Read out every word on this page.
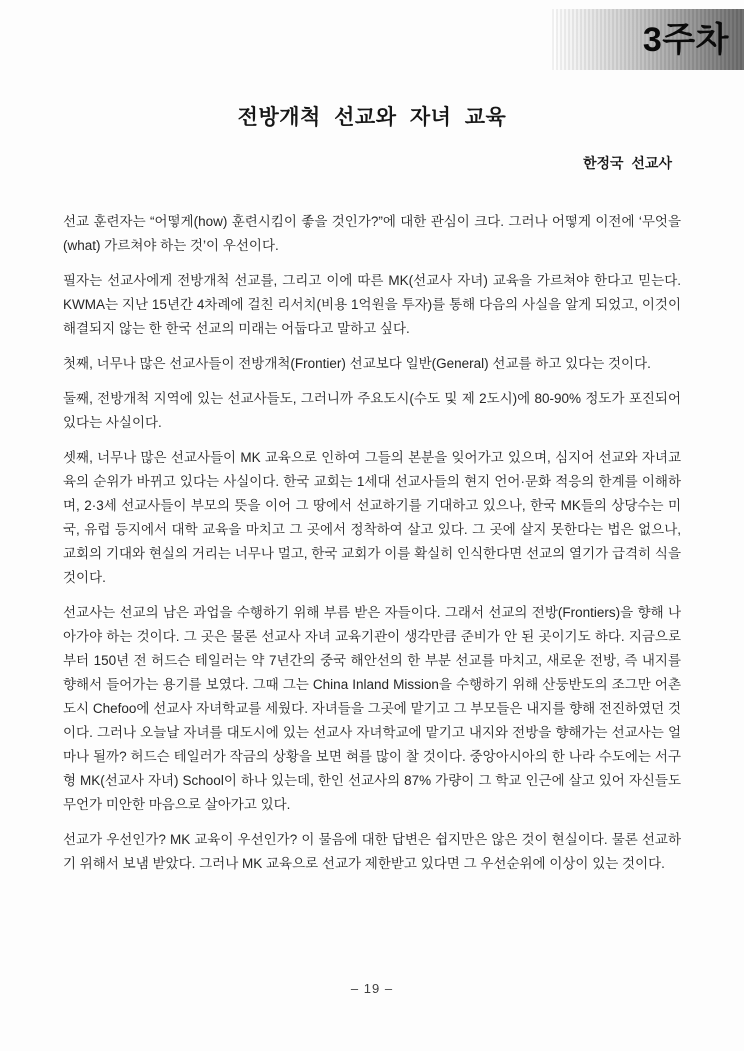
3주차
전방개척 선교와 자녀 교육
한정국 선교사

선교 훈련자는 “어떻게(how) 훈련시킴이 좋을 것인가?”에 대한 관심이 크다. 그러나 어떻게 이전에 ‘무엇을(what) 가르쳐야 하는 것’이 우선이다.

필자는 선교사에게 전방개척 선교를, 그리고 이에 따른 MK(선교사 자녀) 교육을 가르쳐야 한다고 믿는다. KWMA는 지난 15년간 4차례에 걸친 리서치(비용 1억원을 투자)를 통해 다음의 사실을 알게 되었고, 이것이 해결되지 않는 한 한국 선교의 미래는 어둡다고 말하고 싶다.

첫째, 너무나 많은 선교사들이 전방개척(Frontier) 선교보다 일반(General) 선교를 하고 있다는 것이다.

둘째, 전방개척 지역에 있는 선교사들도, 그러니까 주요도시(수도 및 제 2도시)에 80-90% 정도가 포진되어 있다는 사실이다.

셋째, 너무나 많은 선교사들이 MK 교육으로 인하여 그들의 본분을 잊어가고 있으며, 심지어 선교와 자녀교육의 순위가 바뀌고 있다는 사실이다. 한국 교회는 1세대 선교사들의 현지 언어·문화 적응의 한계를 이해하며, 2·3세 선교사들이 부모의 뜻을 이어 그 땅에서 선교하기를 기대하고 있으나, 한국 MK들의 상당수는 미국, 유럽 등지에서 대학 교육을 마치고 그 곳에서 정착하여 살고 있다. 그 곳에 살지 못한다는 법은 없으나, 교회의 기대와 현실의 거리는 너무나 멀고, 한국 교회가 이를 확실히 인식한다면 선교의 열기가 급격히 식을 것이다.

선교사는 선교의 남은 과업을 수행하기 위해 부름 받은 자들이다. 그래서 선교의 전방(Frontiers)을 향해 나아가야 하는 것이다. 그 곳은 물론 선교사 자녀 교육기관이 생각만큼 준비가 안 된 곳이기도 하다. 지금으로부터 150년 전 허드슨 테일러는 약 7년간의 중국 해안선의 한 부분 선교를 마치고, 새로운 전방, 즉 내지를 향해서 들어가는 용기를 보였다. 그때 그는 China Inland Mission을 수행하기 위해 산둥반도의 조그만 어촌도시 Chefoo에 선교사 자녀학교를 세웠다. 자녀들을 그곳에 맡기고 그 부모들은 내지를 향해 전진하였던 것이다. 그러나 오늘날 자녀를 대도시에 있는 선교사 자녀학교에 맡기고 내지와 전방을 향해가는 선교사는 얼마나 될까? 허드슨 테일러가 작금의 상황을 보면 혀를 많이 찰 것이다. 중앙아시아의 한 나라 수도에는 서구형 MK(선교사 자녀) School이 하나 있는데, 한인 선교사의 87% 가량이 그 학교 인근에 살고 있어 자신들도 무언가 미안한 마음으로 살아가고 있다.

선교가 우선인가? MK 교육이 우선인가? 이 물음에 대한 답변은 쉽지만은 않은 것이 현실이다. 물론 선교하기 위해서 보냄 받았다. 그러나 MK 교육으로 선교가 제한받고 있다면 그 우선순위에 이상이 있는 것이다.

– 19 –
